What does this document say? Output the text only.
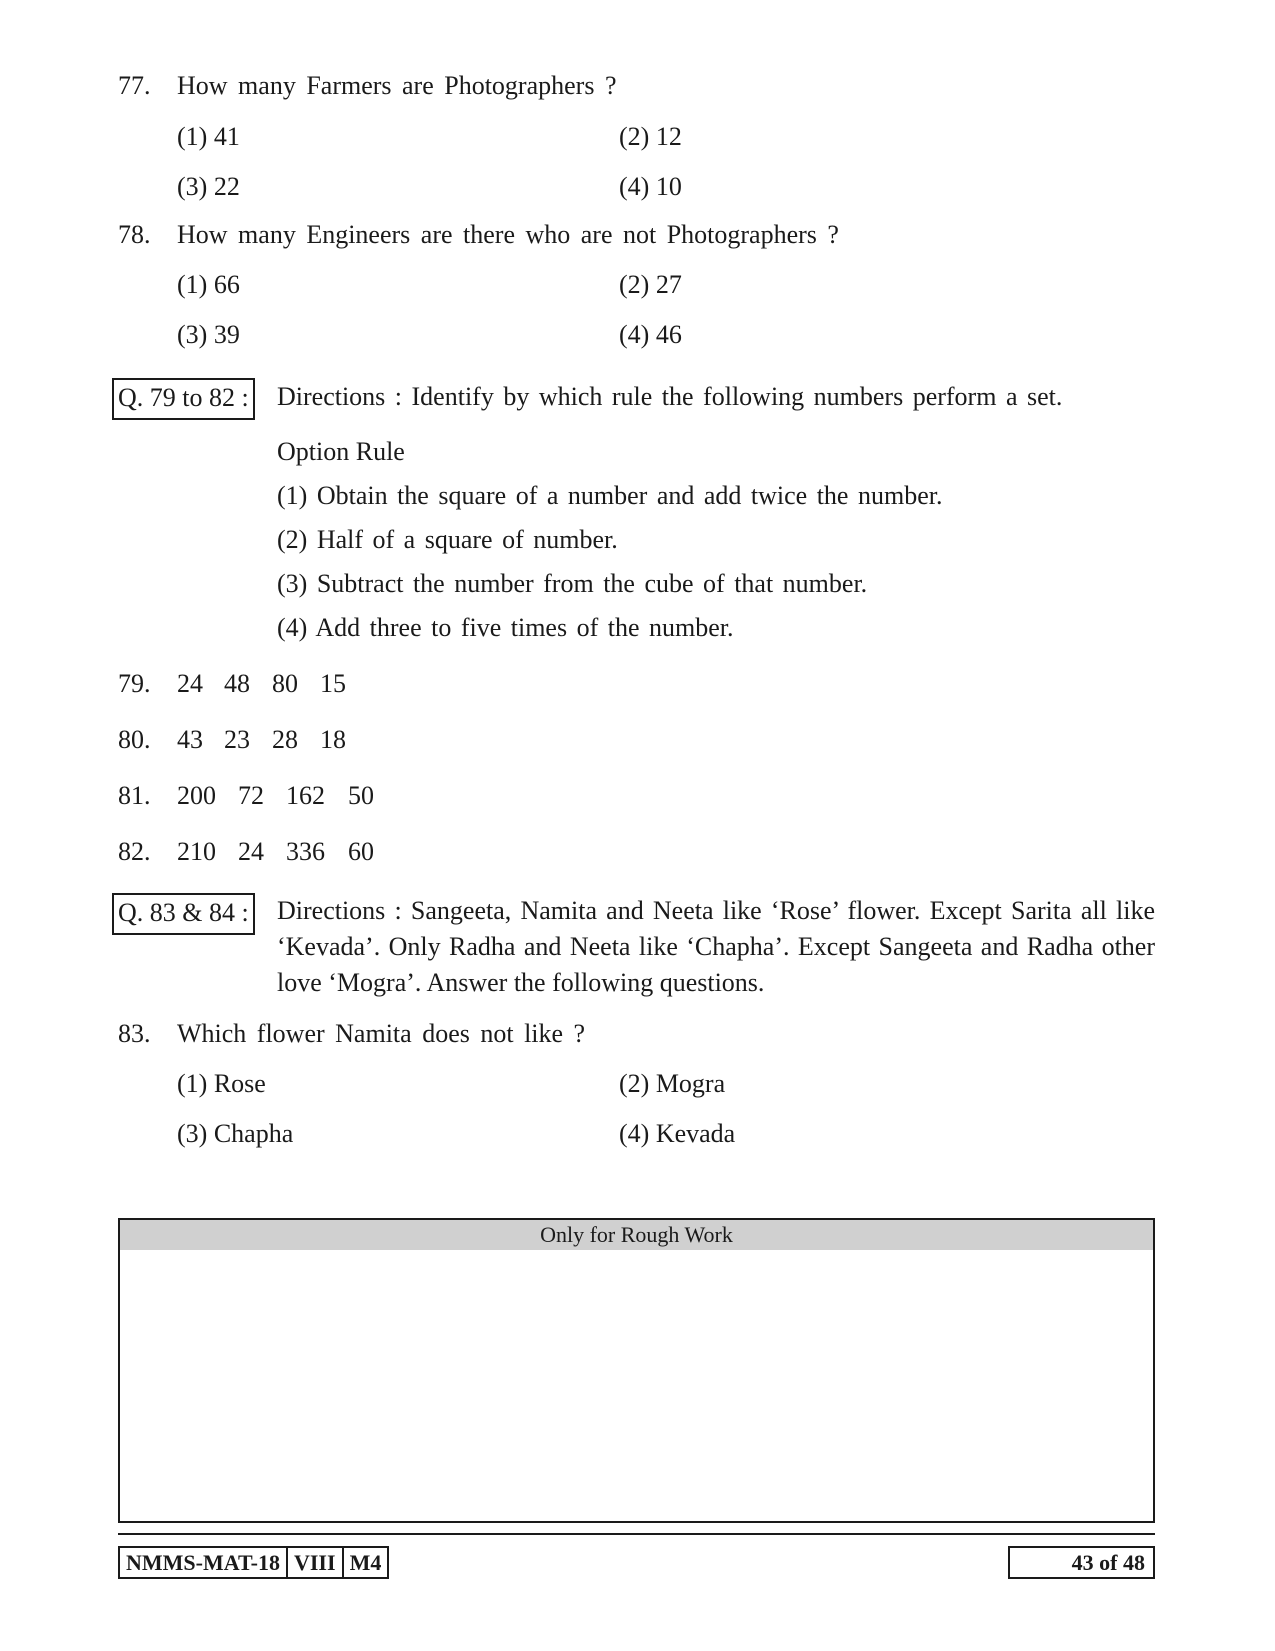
77. How many Farmers are Photographers ?
(1) 41	(2) 12
(3) 22	(4) 10
78. How many Engineers are there who are not Photographers ?
(1) 66	(2) 27
(3) 39	(4) 46
Q. 79 to 82 : Directions : Identify by which rule the following numbers perform a set.
Option Rule
(1) Obtain the square of a number and add twice the number.
(2) Half of a square of number.
(3) Subtract the number from the cube of that number.
(4) Add three to five times of the number.
79. 24 48 80 15
80. 43 23 28 18
81. 200 72 162 50
82. 210 24 336 60
Q. 83 & 84 : Directions : Sangeeta, Namita and Neeta like ‘Rose’ flower. Except Sarita all like ‘Kevada’. Only Radha and Neeta like ‘Chapha’. Except Sangeeta and Radha other love ‘Mogra’. Answer the following questions.
83. Which flower Namita does not like ?
(1) Rose	(2) Mogra
(3) Chapha	(4) Kevada
Only for Rough Work
NMMS-MAT-18 VIII M4	43 of 48
